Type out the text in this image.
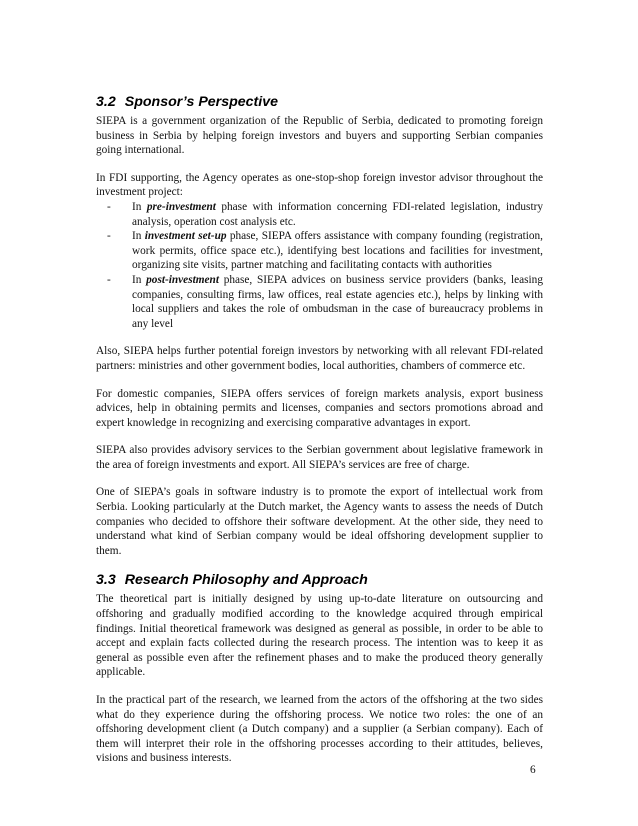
3.2 Sponsor’s Perspective

SIEPA is a government organization of the Republic of Serbia, dedicated to promoting foreign business in Serbia by helping foreign investors and buyers and supporting Serbian companies going international.

In FDI supporting, the Agency operates as one-stop-shop foreign investor advisor throughout the investment project:

- In pre-investment phase with information concerning FDI-related legislation, industry analysis, operation cost analysis etc.
- In investment set-up phase, SIEPA offers assistance with company founding (registration, work permits, office space etc.), identifying best locations and facilities for investment, organizing site visits, partner matching and facilitating contacts with authorities
- In post-investment phase, SIEPA advices on business service providers (banks, leasing companies, consulting firms, law offices, real estate agencies etc.), helps by linking with local suppliers and takes the role of ombudsman in the case of bureaucracy problems in any level

Also, SIEPA helps further potential foreign investors by networking with all relevant FDI-related partners: ministries and other government bodies, local authorities, chambers of commerce etc.

For domestic companies, SIEPA offers services of foreign markets analysis, export business advices, help in obtaining permits and licenses, companies and sectors promotions abroad and expert knowledge in recognizing and exercising comparative advantages in export.

SIEPA also provides advisory services to the Serbian government about legislative framework in the area of foreign investments and export. All SIEPA’s services are free of charge.

One of SIEPA’s goals in software industry is to promote the export of intellectual work from Serbia. Looking particularly at the Dutch market, the Agency wants to assess the needs of Dutch companies who decided to offshore their software development. At the other side, they need to understand what kind of Serbian company would be ideal offshoring development supplier to them.

3.3 Research Philosophy and Approach

The theoretical part is initially designed by using up-to-date literature on outsourcing and offshoring and gradually modified according to the knowledge acquired through empirical findings. Initial theoretical framework was designed as general as possible, in order to be able to accept and explain facts collected during the research process. The intention was to keep it as general as possible even after the refinement phases and to make the produced theory generally applicable.

In the practical part of the research, we learned from the actors of the offshoring at the two sides what do they experience during the offshoring process. We notice two roles: the one of an offshoring development client (a Dutch company) and a supplier (a Serbian company). Each of them will interpret their role in the offshoring processes according to their attitudes, believes, visions and business interests.

6
